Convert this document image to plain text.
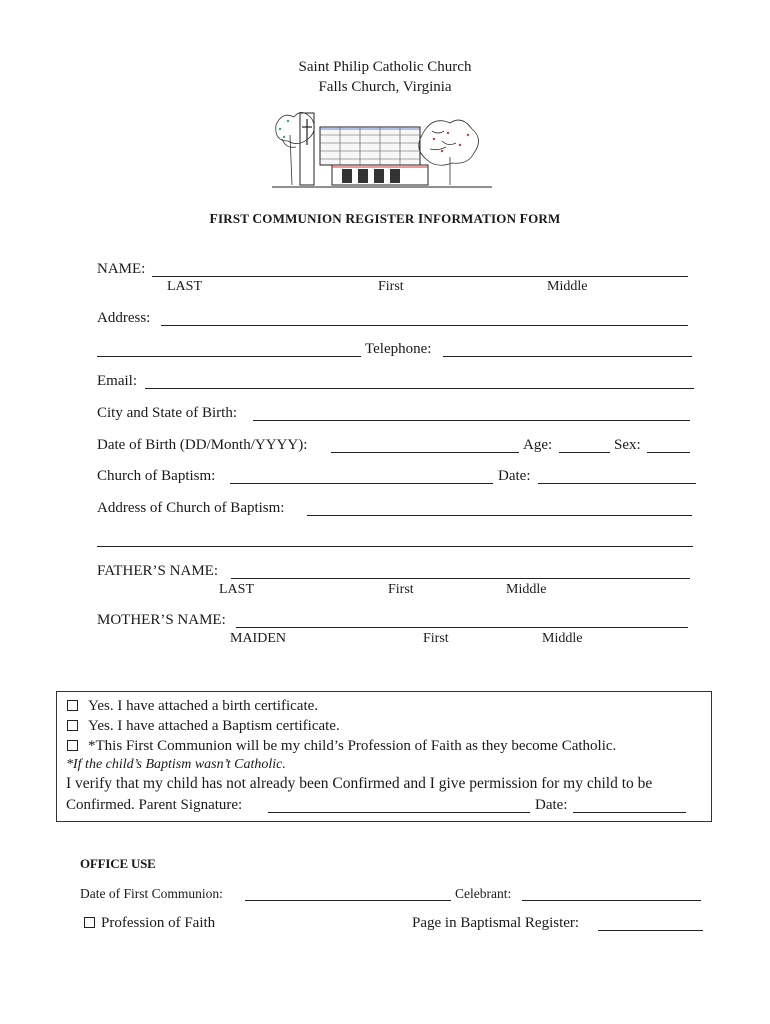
Saint Philip Catholic Church
Falls Church, Virginia
FIRST COMMUNION REGISTER INFORMATION FORM
NAME:
LAST	First	Middle
Address:
Telephone:
Email:
City and State of Birth:
Date of Birth (DD/Month/YYYY):	Age:	Sex:
Church of Baptism:	Date:
Address of Church of Baptism:
FATHER’S NAME:
LAST	First	Middle
MOTHER’S NAME:
MAIDEN	First	Middle
Yes. I have attached a birth certificate.
Yes. I have attached a Baptism certificate.
*This First Communion will be my child’s Profession of Faith as they become Catholic.
*If the child’s Baptism wasn’t Catholic.
I verify that my child has not already been Confirmed and I give permission for my child to be
Confirmed. Parent Signature:	Date:
OFFICE USE
Date of First Communion:	Celebrant:
Profession of Faith	Page in Baptismal Register:
